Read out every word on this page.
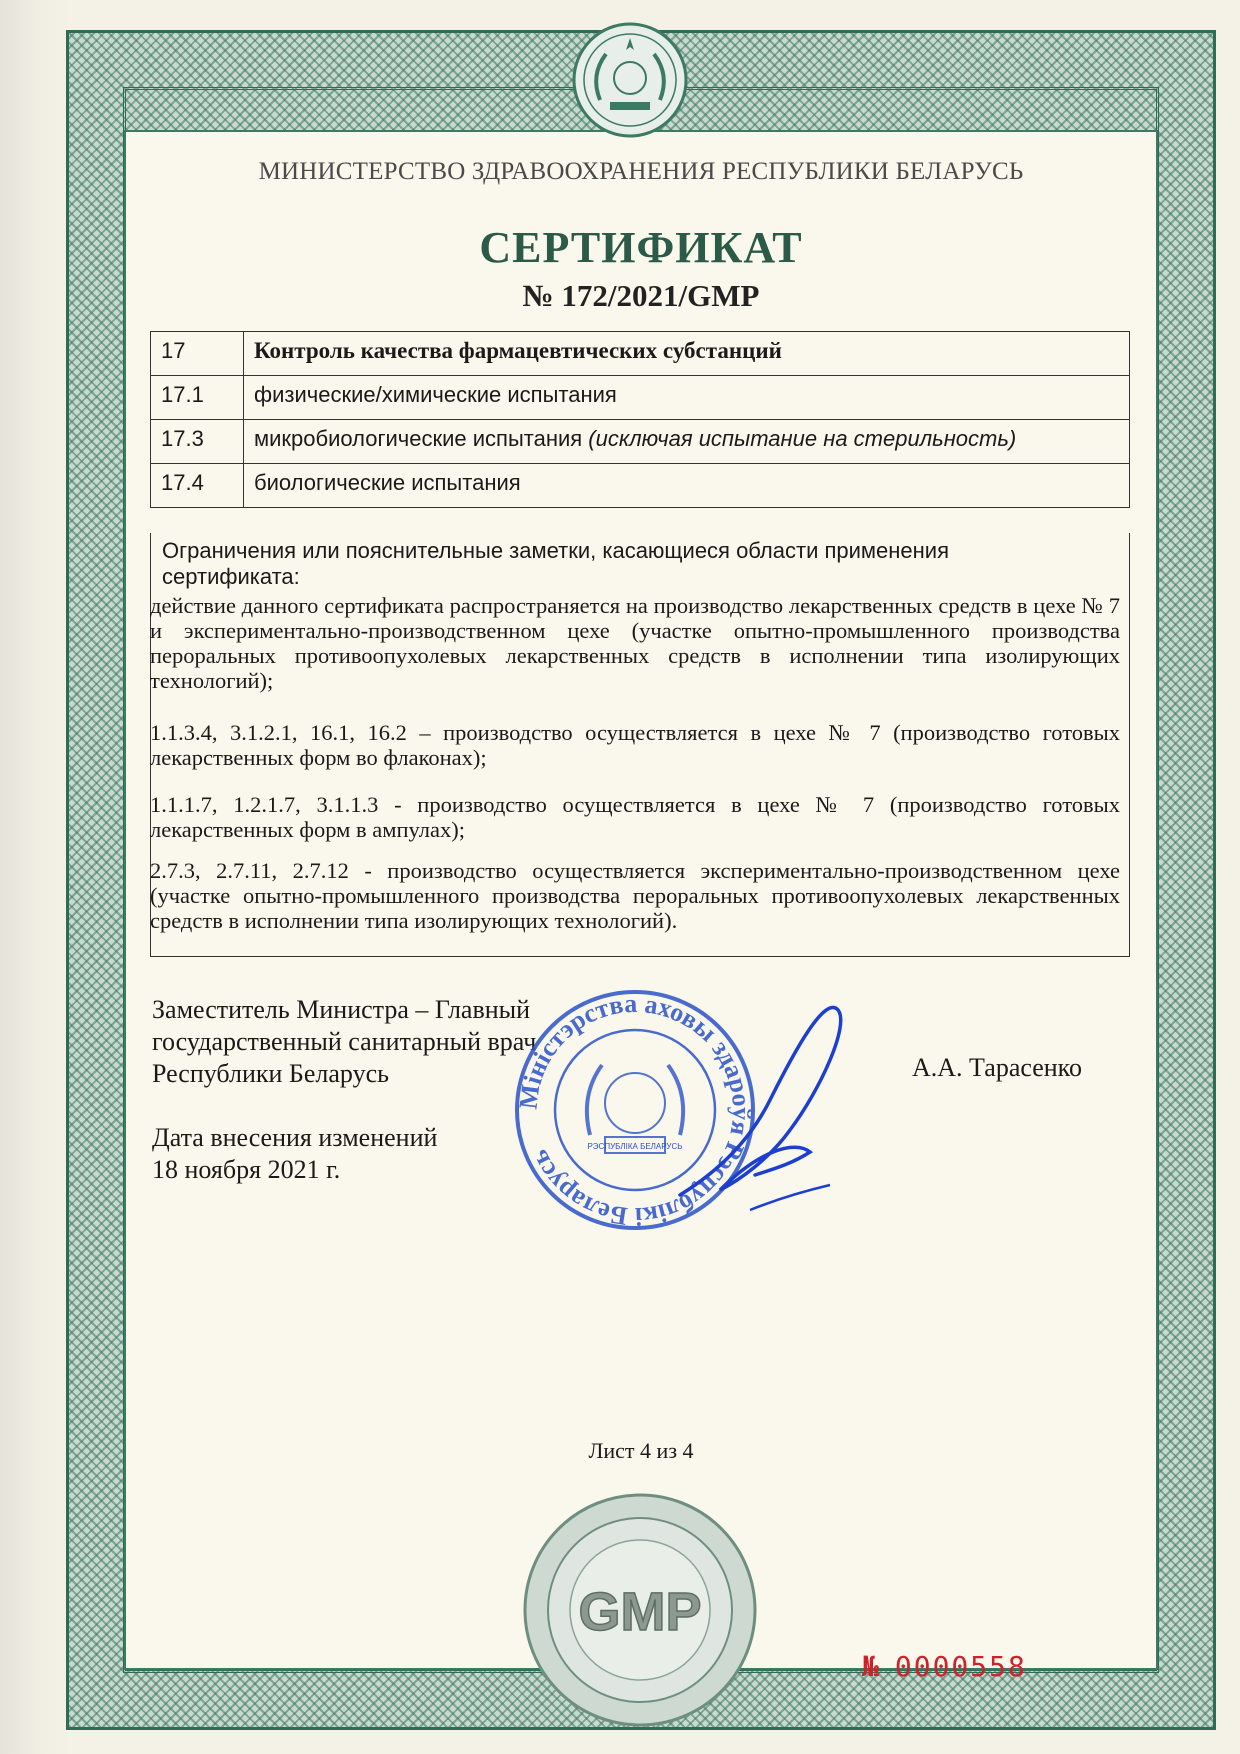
МИНИСТЕРСТВО ЗДРАВООХРАНЕНИЯ РЕСПУБЛИКИ БЕЛАРУСЬ
СЕРТИФИКАТ
№ 172/2021/GMP
17	Контроль качества фармацевтических субстанций
17.1	физические/химические испытания
17.3	микробиологические испытания (исключая испытание на стерильность)
17.4	биологические испытания
Ограничения или пояснительные заметки, касающиеся области применения сертификата:
действие данного сертификата распространяется на производство лекарственных средств в цехе № 7 и экспериментально-производственном цехе (участке опытно-промышленного производства пероральных противоопухолевых лекарственных средств в исполнении типа изолирующих технологий);
1.1.3.4, 3.1.2.1, 16.1, 16.2 – производство осуществляется в цехе № 7 (производство готовых лекарственных форм во флаконах);
1.1.1.7, 1.2.1.7, 3.1.1.3 - производство осуществляется в цехе № 7 (производство готовых лекарственных форм в ампулах);
2.7.3, 2.7.11, 2.7.12 - производство осуществляется экспериментально-производственном цехе (участке опытно-промышленного производства пероральных противоопухолевых лекарственных средств в исполнении типа изолирующих технологий).
Заместитель Министра – Главный
государственный санитарный врач
Республики Беларусь	А.А. Тарасенко
Дата внесения изменений
18 ноября 2021 г.
Міністэрства аховы здароўя Рэспублікі Беларусь	РЭСПУБЛІКА БЕЛАРУСЬ
Лист 4 из 4
GMP
№ 0000558
